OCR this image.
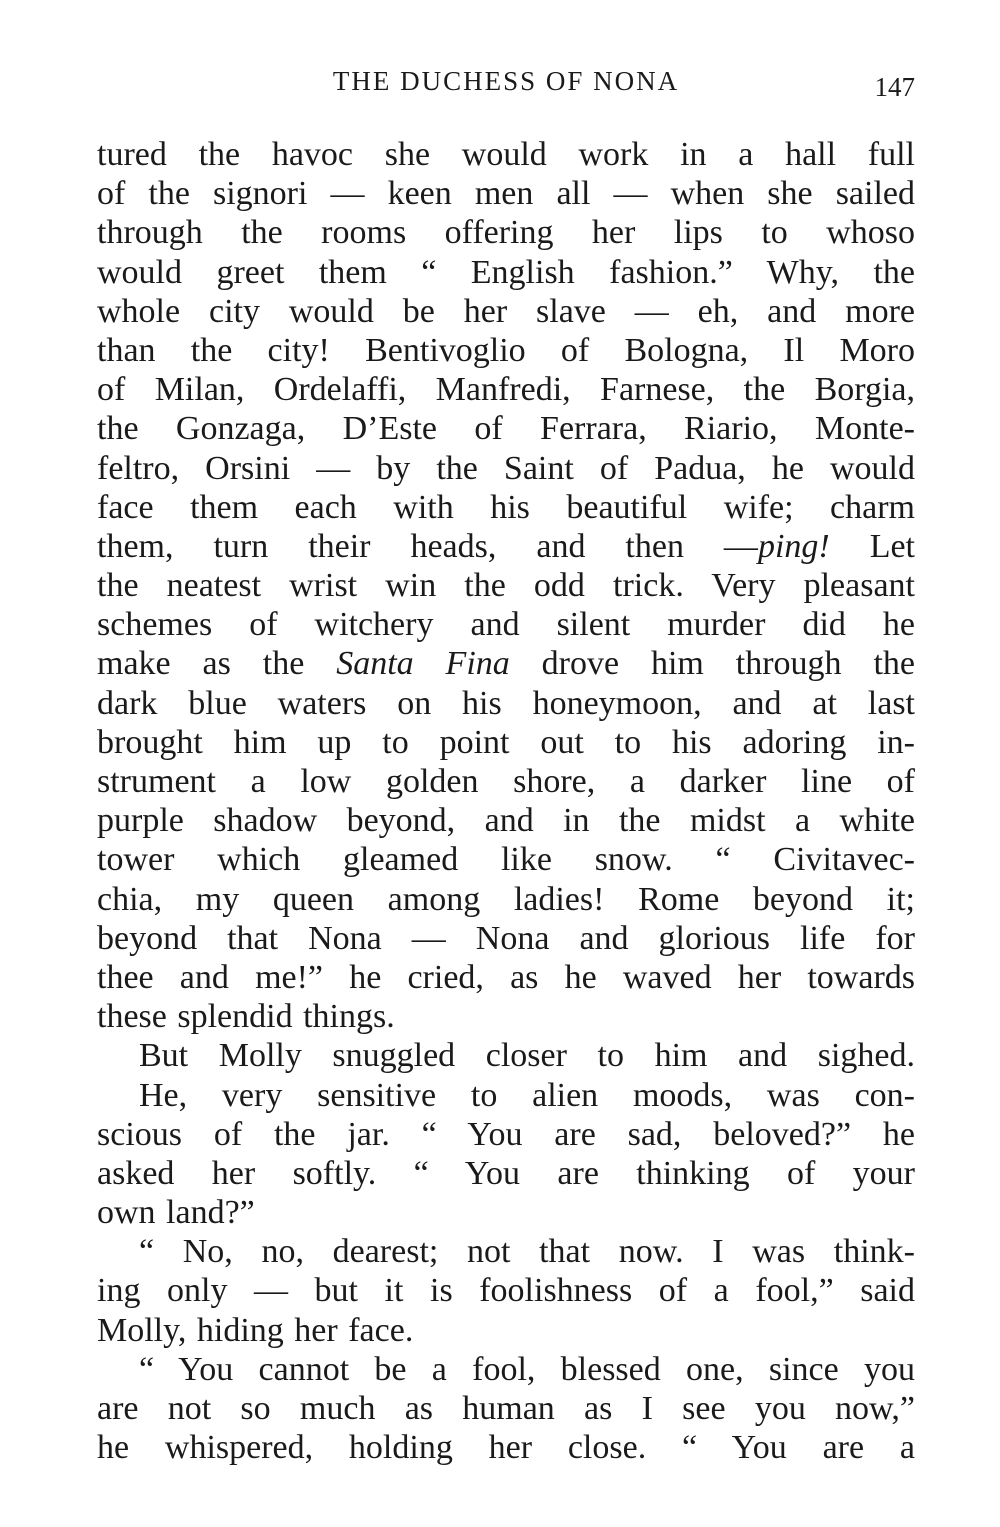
THE DUCHESS OF NONA	147
tured the havoc she would work in a hall full
of the signori — keen men all — when she sailed
through the rooms offering her lips to whoso
would greet them “ English fashion.” Why, the
whole city would be her slave — eh, and more
than the city! Bentivoglio of Bologna, Il Moro
of Milan, Ordelaffi, Manfredi, Farnese, the Borgia,
the Gonzaga, D’Este of Ferrara, Riario, Monte-
feltro, Orsini — by the Saint of Padua, he would
face them each with his beautiful wife; charm
them, turn their heads, and then —ping! Let
the neatest wrist win the odd trick. Very pleasant
schemes of witchery and silent murder did he
make as the Santa Fina drove him through the
dark blue waters on his honeymoon, and at last
brought him up to point out to his adoring in-
strument a low golden shore, a darker line of
purple shadow beyond, and in the midst a white
tower which gleamed like snow. “ Civitavec-
chia, my queen among ladies! Rome beyond it;
beyond that Nona — Nona and glorious life for
thee and me!” he cried, as he waved her towards
these splendid things.
But Molly snuggled closer to him and sighed.
He, very sensitive to alien moods, was con-
scious of the jar. “ You are sad, beloved?” he
asked her softly. “ You are thinking of your
own land?”
“ No, no, dearest; not that now. I was think-
ing only — but it is foolishness of a fool,” said
Molly, hiding her face.
“ You cannot be a fool, blessed one, since you
are not so much as human as I see you now,”
he whispered, holding her close. “ You are a
